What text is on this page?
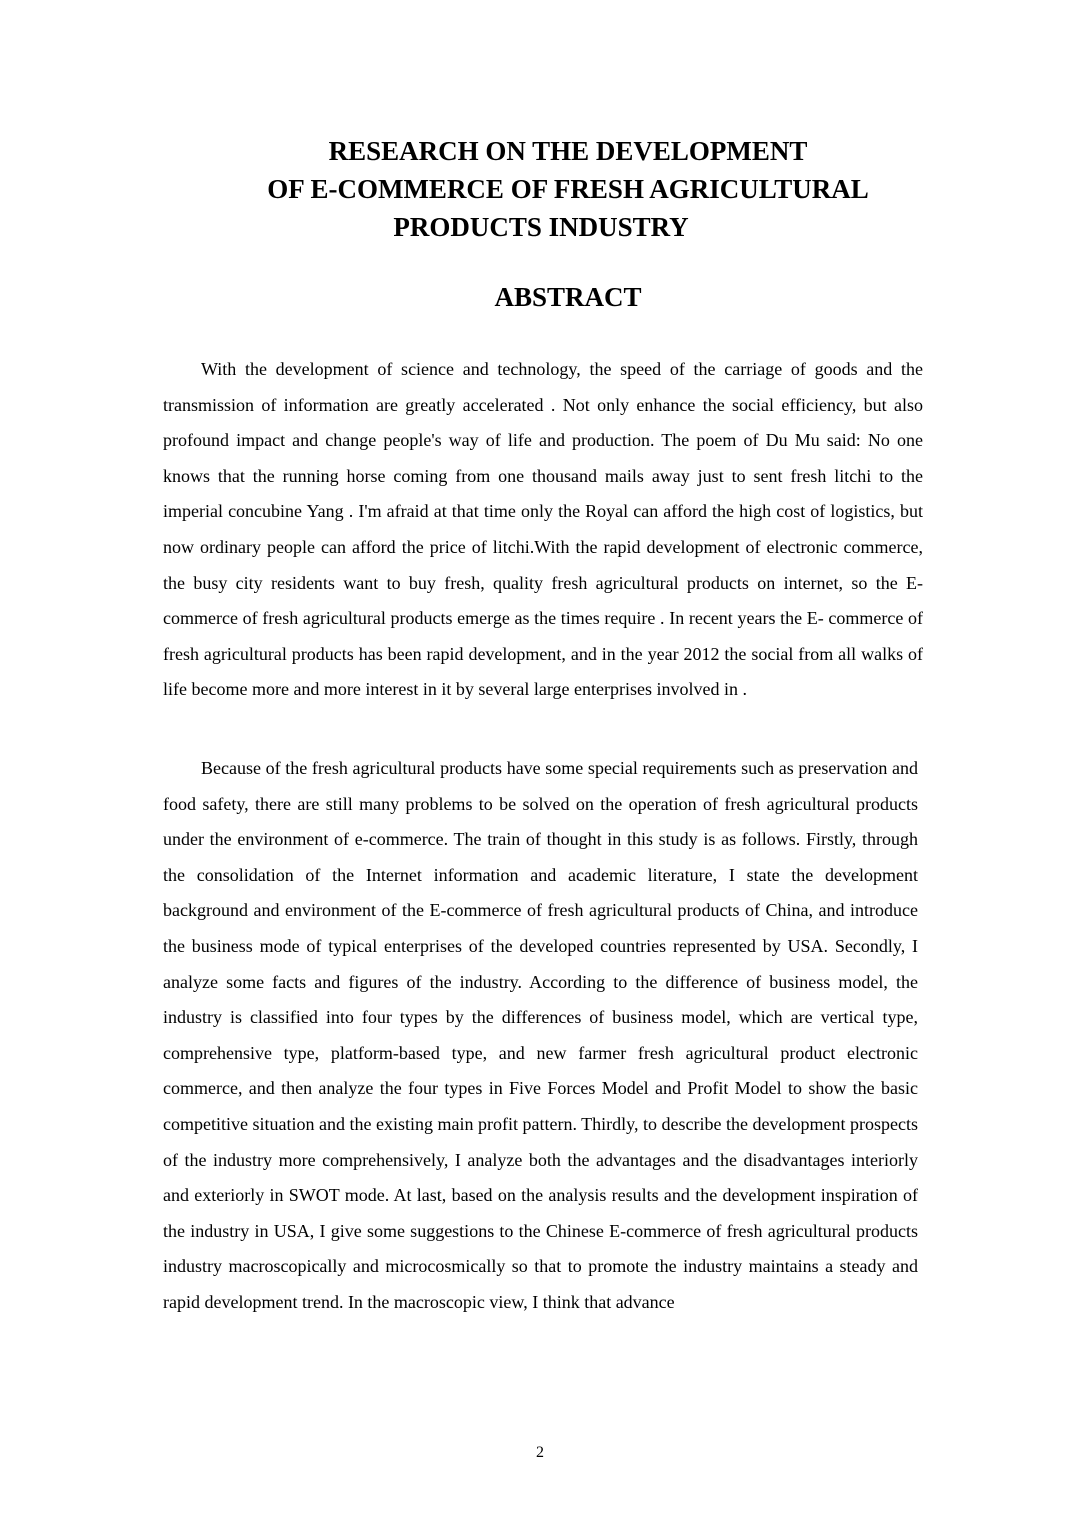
RESEARCH ON THE DEVELOPMENT
OF E-COMMERCE OF FRESH AGRICULTURAL
PRODUCTS INDUSTRY
ABSTRACT

With the development of science and technology, the speed of the carriage of goods and the transmission of information are greatly accelerated . Not only enhance the social efficiency, but also profound impact and change people's way of life and production. The poem of Du Mu said: No one knows that the running horse coming from one thousand mails away just to sent fresh litchi to the imperial concubine Yang . I'm afraid at that time only the Royal can afford the high cost of logistics, but now ordinary people can afford the price of litchi.With the rapid development of electronic commerce, the busy city residents want to buy fresh, quality fresh agricultural products on internet, so the E-commerce of fresh agricultural products emerge as the times require . In recent years the E- commerce of fresh agricultural products has been rapid development, and in the year 2012 the social from all walks of life become more and more interest in it by several large enterprises involved in .

Because of the fresh agricultural products have some special requirements such as preservation and food safety, there are still many problems to be solved on the operation of fresh agricultural products under the environment of e-commerce. The train of thought in this study is as follows. Firstly, through the consolidation of the Internet information and academic literature, I state the development background and environment of the E-commerce of fresh agricultural products of China, and introduce the business mode of typical enterprises of the developed countries represented by USA. Secondly, I analyze some facts and figures of the industry. According to the difference of business model, the industry is classified into four types by the differences of business model, which are vertical type, comprehensive type, platform-based type, and new farmer fresh agricultural product electronic commerce, and then analyze the four types in Five Forces Model and Profit Model to show the basic competitive situation and the existing main profit pattern. Thirdly, to describe the development prospects of the industry more comprehensively, I analyze both the advantages and the disadvantages interiorly and exteriorly in SWOT mode. At last, based on the analysis results and the development inspiration of the industry in USA, I give some suggestions to the Chinese E-commerce of fresh agricultural products industry macroscopically and microcosmically so that to promote the industry maintains a steady and rapid development trend. In the macroscopic view, I think that advance

2
